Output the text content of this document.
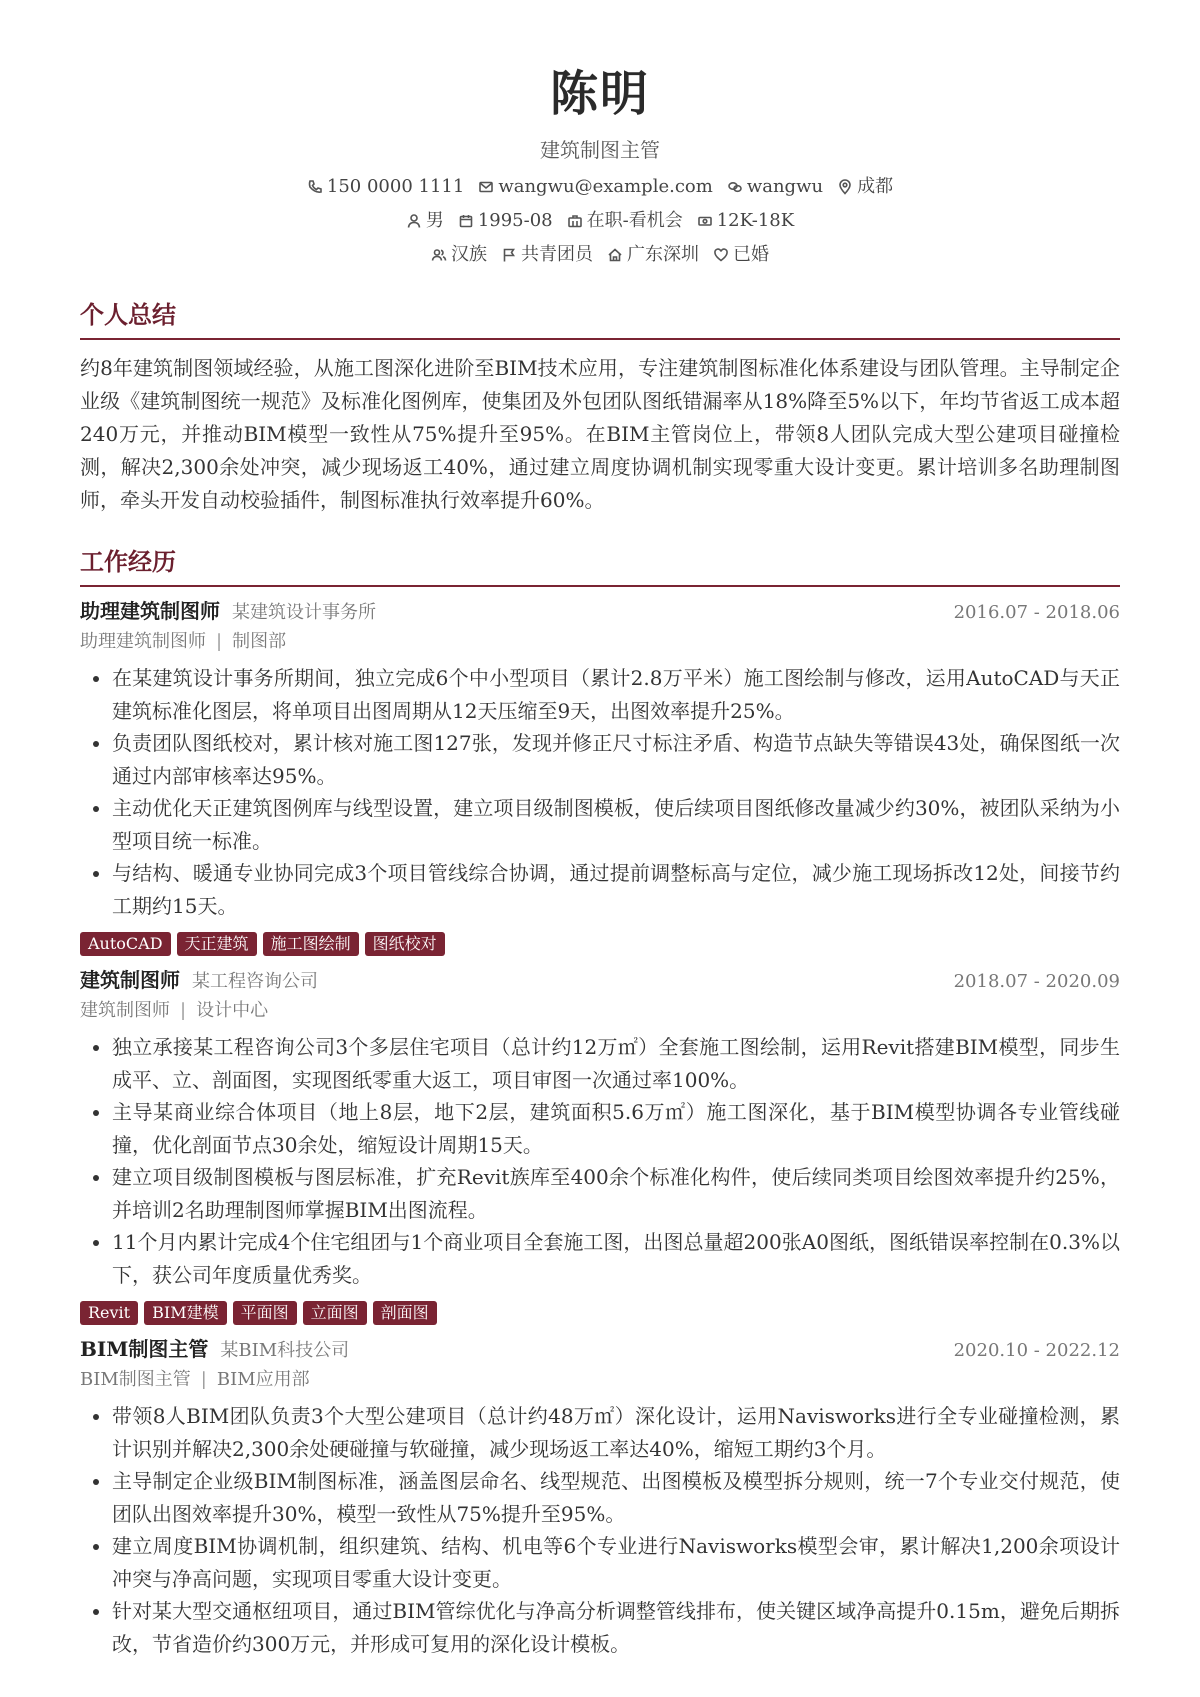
陈明
建筑制图主管
150 0000 1111 wangwu@example.com wangwu 成都
男 1995-08 在职-看机会 12K-18K
汉族 共青团员 广东深圳 已婚
个人总结
约8年建筑制图领域经验，从施工图深化进阶至BIM技术应用，专注建筑制图标准化体系建设与团队管理。主导制定企业级《建筑制图统一规范》及标准化图例库，使集团及外包团队图纸错漏率从18%降至5%以下，年均节省返工成本超240万元，并推动BIM模型一致性从75%提升至95%。在BIM主管岗位上，带领8人团队完成大型公建项目碰撞检测，解决2,300余处冲突，减少现场返工40%，通过建立周度协调机制实现零重大设计变更。累计培训多名助理制图师，牵头开发自动校验插件，制图标准执行效率提升60%。
工作经历
助理建筑制图师 某建筑设计事务所	2016.07 - 2018.06
助理建筑制图师 | 制图部
• 在某建筑设计事务所期间，独立完成6个中小型项目（累计2.8万平米）施工图绘制与修改，运用AutoCAD与天正建筑标准化图层，将单项目出图周期从12天压缩至9天，出图效率提升25%。
• 负责团队图纸校对，累计核对施工图127张，发现并修正尺寸标注矛盾、构造节点缺失等错误43处，确保图纸一次通过内部审核率达95%。
• 主动优化天正建筑图例库与线型设置，建立项目级制图模板，使后续项目图纸修改量减少约30%，被团队采纳为小型项目统一标准。
• 与结构、暖通专业协同完成3个项目管线综合协调，通过提前调整标高与定位，减少施工现场拆改12处，间接节约工期约15天。
AutoCAD	天正建筑	施工图绘制	图纸校对
建筑制图师 某工程咨询公司	2018.07 - 2020.09
建筑制图师 | 设计中心
• 独立承接某工程咨询公司3个多层住宅项目（总计约12万㎡）全套施工图绘制，运用Revit搭建BIM模型，同步生成平、立、剖面图，实现图纸零重大返工，项目审图一次通过率100%。
• 主导某商业综合体项目（地上8层，地下2层，建筑面积5.6万㎡）施工图深化，基于BIM模型协调各专业管线碰撞，优化剖面节点30余处，缩短设计周期15天。
• 建立项目级制图模板与图层标准，扩充Revit族库至400余个标准化构件，使后续同类项目绘图效率提升约25%，并培训2名助理制图师掌握BIM出图流程。
• 11个月内累计完成4个住宅组团与1个商业项目全套施工图，出图总量超200张A0图纸，图纸错误率控制在0.3%以下，获公司年度质量优秀奖。
Revit	BIM建模	平面图	立面图	剖面图
BIM制图主管 某BIM科技公司	2020.10 - 2022.12
BIM制图主管 | BIM应用部
• 带领8人BIM团队负责3个大型公建项目（总计约48万㎡）深化设计，运用Navisworks进行全专业碰撞检测，累计识别并解决2,300余处硬碰撞与软碰撞，减少现场返工率达40%，缩短工期约3个月。
• 主导制定企业级BIM制图标准，涵盖图层命名、线型规范、出图模板及模型拆分规则，统一7个专业交付规范，使团队出图效率提升30%，模型一致性从75%提升至95%。
• 建立周度BIM协调机制，组织建筑、结构、机电等6个专业进行Navisworks模型会审，累计解决1,200余项设计冲突与净高问题，实现项目零重大设计变更。
• 针对某大型交通枢纽项目，通过BIM管综优化与净高分析调整管线排布，使关键区域净高提升0.15m，避免后期拆改，节省造价约300万元，并形成可复用的深化设计模板。
